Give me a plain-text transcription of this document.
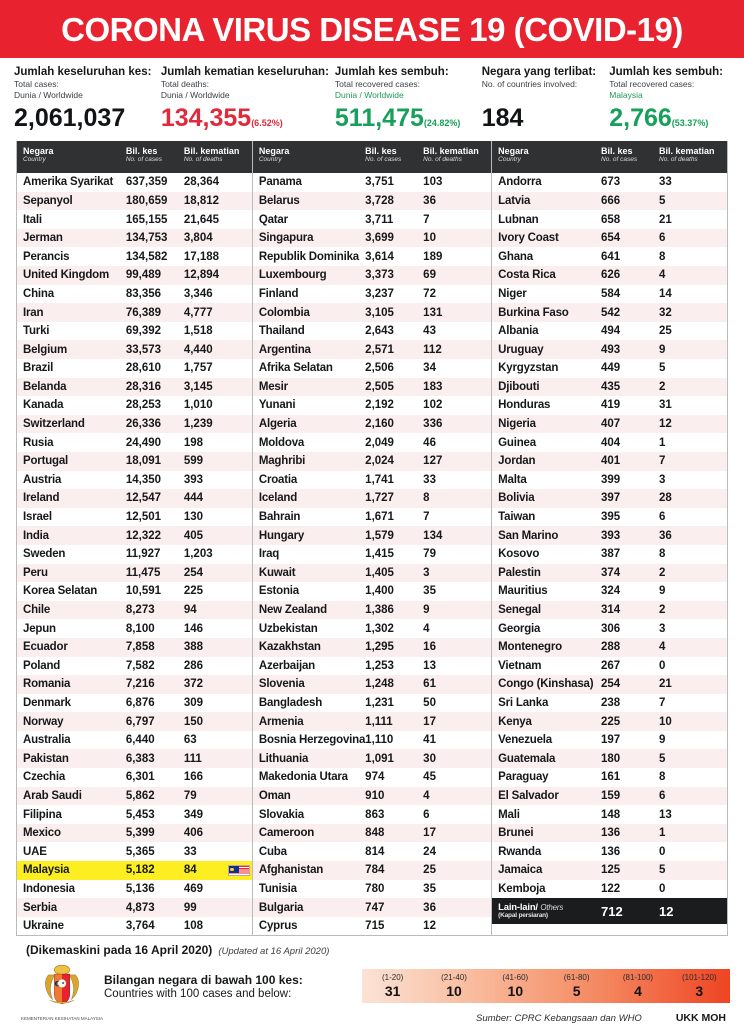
CORONA VIRUS DISEASE 19 (COVID-19)
Jumlah keseluruhan kes:
Total cases:
Dunia / Worldwide
2,061,037
Jumlah kematian keseluruhan:
Total deaths:
Dunia / Worldwide
134,355(6.52%)
Jumlah kes sembuh:
Total recovered cases:
Dunia / Worldwide
511,475(24.82%)
Negara yang terlibat:
No. of countries involved:
184
Jumlah kes sembuh:
Total recovered cases:
Malaysia
2,766(53.37%)
Negara
Country
Bil. kes
No. of cases
Bil. kematian
No. of deaths
Amerika Syarikat	637,359	28,364
Sepanyol	180,659	18,812
Itali	165,155	21,645
Jerman	134,753	3,804
Perancis	134,582	17,188
United Kingdom	99,489	12,894
China	83,356	3,346
Iran	76,389	4,777
Turki	69,392	1,518
Belgium	33,573	4,440
Brazil	28,610	1,757
Belanda	28,316	3,145
Kanada	28,253	1,010
Switzerland	26,336	1,239
Rusia	24,490	198
Portugal	18,091	599
Austria	14,350	393
Ireland	12,547	444
Israel	12,501	130
India	12,322	405
Sweden	11,927	1,203
Peru	11,475	254
Korea Selatan	10,591	225
Chile	8,273	94
Jepun	8,100	146
Ecuador	7,858	388
Poland	7,582	286
Romania	7,216	372
Denmark	6,876	309
Norway	6,797	150
Australia	6,440	63
Pakistan	6,383	111
Czechia	6,301	166
Arab Saudi	5,862	79
Filipina	5,453	349
Mexico	5,399	406
UAE	5,365	33
Malaysia	5,182	84
Indonesia	5,136	469
Serbia	4,873	99
Ukraine	3,764	108
Negara
Country
Bil. kes
No. of cases
Bil. kematian
No. of deaths
Panama	3,751	103
Belarus	3,728	36
Qatar	3,711	7
Singapura	3,699	10
Republik Dominika 3,614	189
Luxembourg	3,373	69
Finland	3,237	72
Colombia	3,105	131
Thailand	2,643	43
Argentina	2,571	112
Afrika Selatan	2,506	34
Mesir	2,505	183
Yunani	2,192	102
Algeria	2,160	336
Moldova	2,049	46
Maghribi	2,024	127
Croatia	1,741	33
Iceland	1,727	8
Bahrain	1,671	7
Hungary	1,579	134
Iraq	1,415	79
Kuwait	1,405	3
Estonia	1,400	35
New Zealand	1,386	9
Uzbekistan	1,302	4
Kazakhstan	1,295	16
Azerbaijan	1,253	13
Slovenia	1,248	61
Bangladesh	1,231	50
Armenia	1,111	17
Bosnia Herzegovina 1,110	41
Lithuania	1,091	30
Makedonia Utara	974	45
Oman	910	4
Slovakia	863	6
Cameroon	848	17
Cuba	814	24
Afghanistan	784	25
Tunisia	780	35
Bulgaria	747	36
Cyprus	715	12
Negara
Country
Bil. kes
No. of cases
Bil. kematian
No. of deaths
Andorra	673	33
Latvia	666	5
Lubnan	658	21
Ivory Coast	654	6
Ghana	641	8
Costa Rica	626	4
Niger	584	14
Burkina Faso	542	32
Albania	494	25
Uruguay	493	9
Kyrgyzstan	449	5
Djibouti	435	2
Honduras	419	31
Nigeria	407	12
Guinea	404	1
Jordan	401	7
Malta	399	3
Bolivia	397	28
Taiwan	395	6
San Marino	393	36
Kosovo	387	8
Palestin	374	2
Mauritius	324	9
Senegal	314	2
Georgia	306	3
Montenegro	288	4
Vietnam	267	0
Congo (Kinshasa) 254	21
Sri Lanka	238	7
Kenya	225	10
Venezuela	197	9
Guatemala	180	5
Paraguay	161	8
El Salvador	159	6
Mali	148	13
Brunei	136	1
Rwanda	136	0
Jamaica	125	5
Kemboja	122	0
Lain-lain/ Others
(Kapal persiaran)	712	12
(Dikemaskini pada 16 April 2020) (Updated at 16 April 2020)
KEMENTERIAN KESIHATAN MALAYSIA
Bilangan negara di bawah 100 kes:
Countries with 100 cases and below:
(1-20)
31
(21-40)
10
(41-60)
10
(61-80)
5
(81-100)
4
(101-120)
3
Sumber: CPRC Kebangsaan dan WHO	UKK MOH
